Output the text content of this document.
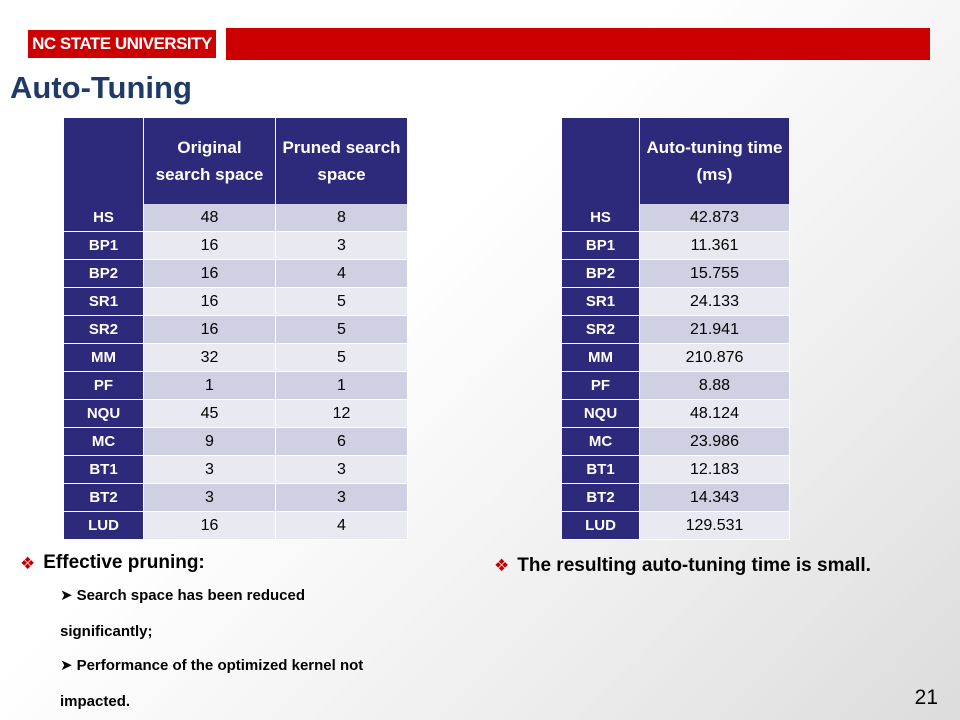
NC STATE UNIVERSITY
Auto-Tuning
	Original search space	Pruned search space
HS	48	8
BP1	16	3
BP2	16	4
SR1	16	5
SR2	16	5
MM	32	5
PF	1	1
NQU	45	12
MC	9	6
BT1	3	3
BT2	3	3
LUD	16	4
	Auto-tuning time (ms)
HS	42.873
BP1	11.361
BP2	15.755
SR1	24.133
SR2	21.941
MM	210.876
PF	8.88
NQU	48.124
MC	23.986
BT1	12.183
BT2	14.343
LUD	129.531
❖ Effective pruning:

➤ Search space has been reduced significantly;

➤ Performance of the optimized kernel not impacted.

❖ The resulting auto-tuning time is small.
21
